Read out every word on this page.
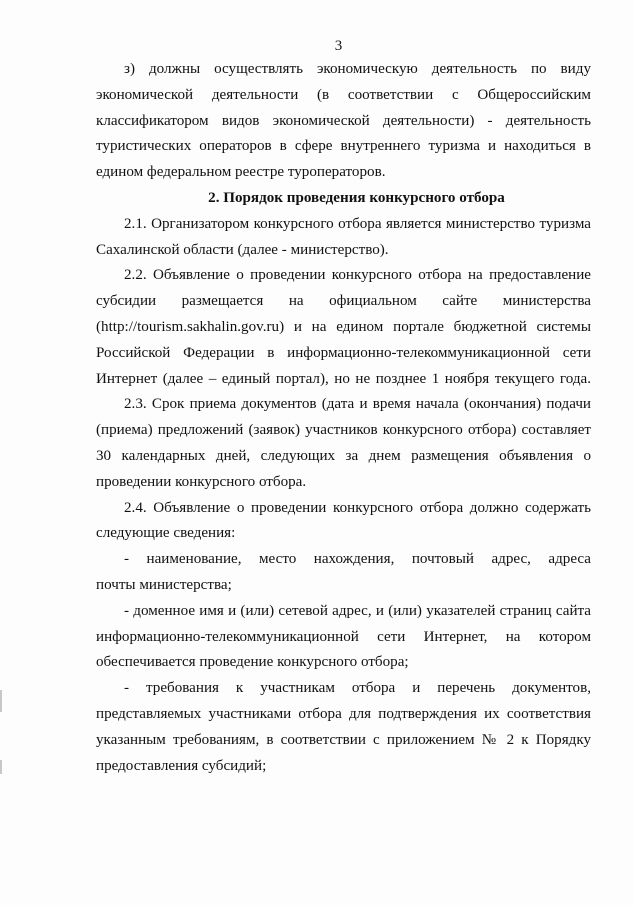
3
з) должны осуществлять экономическую деятельность по виду
экономической деятельности (в соответствии с Общероссийским
классификатором видов экономической деятельности) - деятельность
туристических операторов в сфере внутреннего туризма и находиться в
едином федеральном реестре туроператоров.
2. Порядок проведения конкурсного отбора
2.1. Организатором конкурсного отбора является министерство туризма
Сахалинской области (далее - министерство).
2.2. Объявление о проведении конкурсного отбора на предоставление
субсидии размещается на официальном сайте министерства
(http://tourism.sakhalin.gov.ru) и на едином портале бюджетной системы
Российской Федерации в информационно-телекоммуникационной сети
Интернет (далее – единый портал), но не позднее 1 ноября текущего года.
2.3. Срок приема документов (дата и время начала (окончания) подачи
(приема) предложений (заявок) участников конкурсного отбора) составляет
30 календарных дней, следующих за днем размещения объявления о
проведении конкурсного отбора.
2.4. Объявление о проведении конкурсного отбора должно содержать
следующие сведения:
- наименование, место нахождения, почтовый адрес, адреса
почты министерства;
- доменное имя и (или) сетевой адрес, и (или) указателей страниц сайта
информационно-телекоммуникационной сети Интернет, на котором
обеспечивается проведение конкурсного отбора;
- требования к участникам отбора и перечень документов,
представляемых участниками отбора для подтверждения их соответствия
указанным требованиям, в соответствии с приложением № 2 к Порядку
предоставления субсидий;
